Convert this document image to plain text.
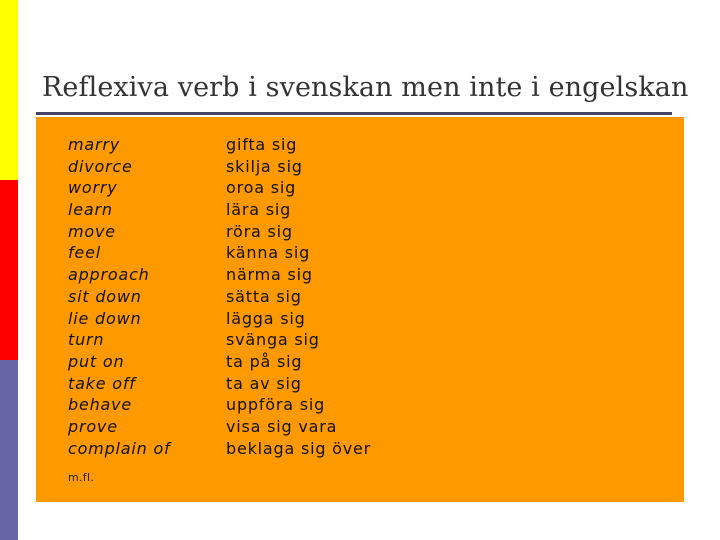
Reflexiva verb i svenskan men inte i engelskan
marry
divorce
worry
learn
move
feel
approach
sit down
lie down
turn
put on
take off
behave
prove
complain of
gifta sig
skilja sig
oroa sig
lära sig
röra sig
känna sig
närma sig
sätta sig
lägga sig
svänga sig
ta på sig
ta av sig
uppföra sig
visa sig vara
beklaga sig över
m.fl.
